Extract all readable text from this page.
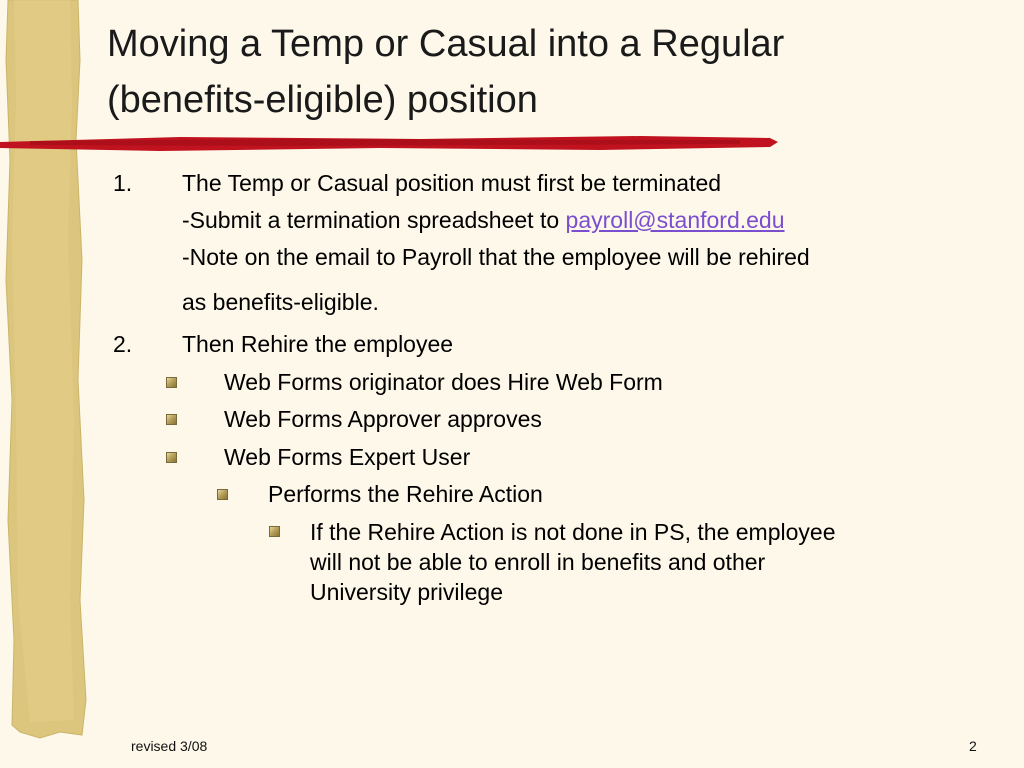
Moving a Temp or Casual into a Regular
(benefits-eligible) position
1. The Temp or Casual position must first be terminated
-Submit a termination spreadsheet to payroll@stanford.edu
-Note on the email to Payroll that the employee will be rehired
as benefits-eligible.
2. Then Rehire the employee
Web Forms originator does Hire Web Form
Web Forms Approver approves
Web Forms Expert User
Performs the Rehire Action
If the Rehire Action is not done in PS, the employee
will not be able to enroll in benefits and other
University privilege
revised 3/08	2
